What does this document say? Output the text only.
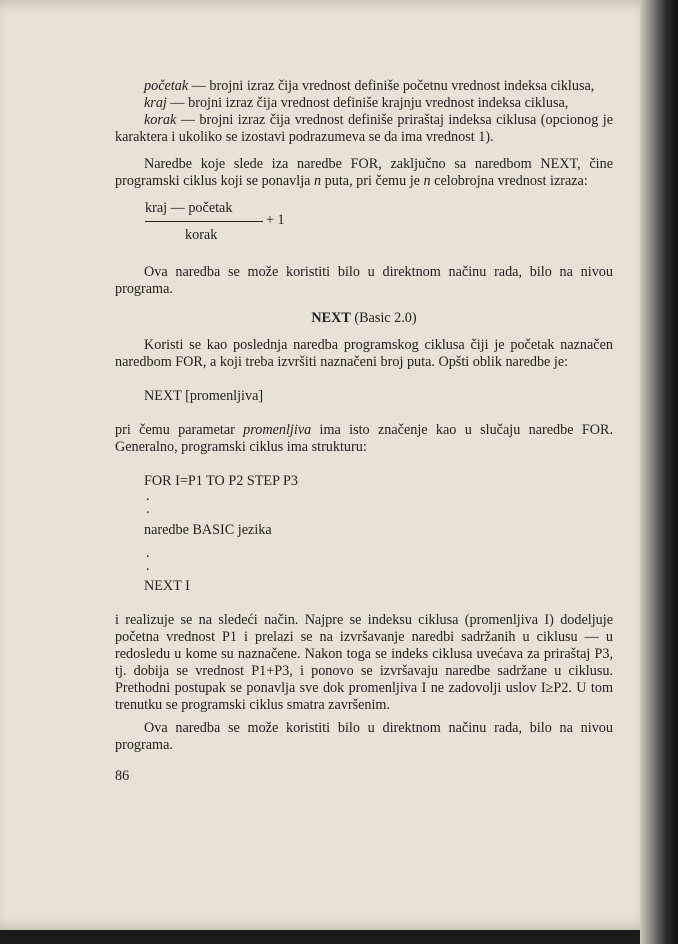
početak — brojni izraz čija vrednost definiše početnu vrednost indeksa ciklusa,

kraj — brojni izraz čija vrednost definiše krajnju vrednost indeksa ciklusa,

korak — brojni izraz čija vrednost definiše priraštaj indeksa ciklusa (opcionog je karaktera i ukoliko se izostavi podrazumeva se da ima vrednost 1).

Naredbe koje slede iza naredbe FOR, zaključno sa naredbom NEXT, čine programski ciklus koji se ponavlja n puta, pri čemu je n celobrojna vrednost izraza:

kraj — početak
+ 1
korak

Ova naredba se može koristiti bilo u direktnom načinu rada, bilo na nivou programa.

NEXT (Basic 2.0)

Koristi se kao poslednja naredba programskog ciklusa čiji je početak naznačen naredbom FOR, a koji treba izvršiti naznačeni broj puta. Opšti oblik naredbe je:

NEXT [promenljiva]

pri čemu parametar promenljiva ima isto značenje kao u slučaju naredbe FOR. Generalno, programski ciklus ima strukturu:

FOR I=P1 TO P2 STEP P3

.

.

naredbe BASIC jezika

.

.

NEXT I

i realizuje se na sledeći način. Najpre se indeksu ciklusa (promenljiva I) dodeljuje početna vrednost P1 i prelazi se na izvršavanje naredbi sadržanih u ciklusu — u redosledu u kome su naznačene. Nakon toga se indeks ciklusa uvećava za priraštaj P3, tj. dobija se vrednost P1+P3, i ponovo se izvršavaju naredbe sadržane u ciklusu. Prethodni postupak se ponavlja sve dok promenljiva I ne zadovolji uslov I≥P2. U tom trenutku se programski ciklus smatra završenim.

Ova naredba se može koristiti bilo u direktnom načinu rada, bilo na nivou programa.

86
